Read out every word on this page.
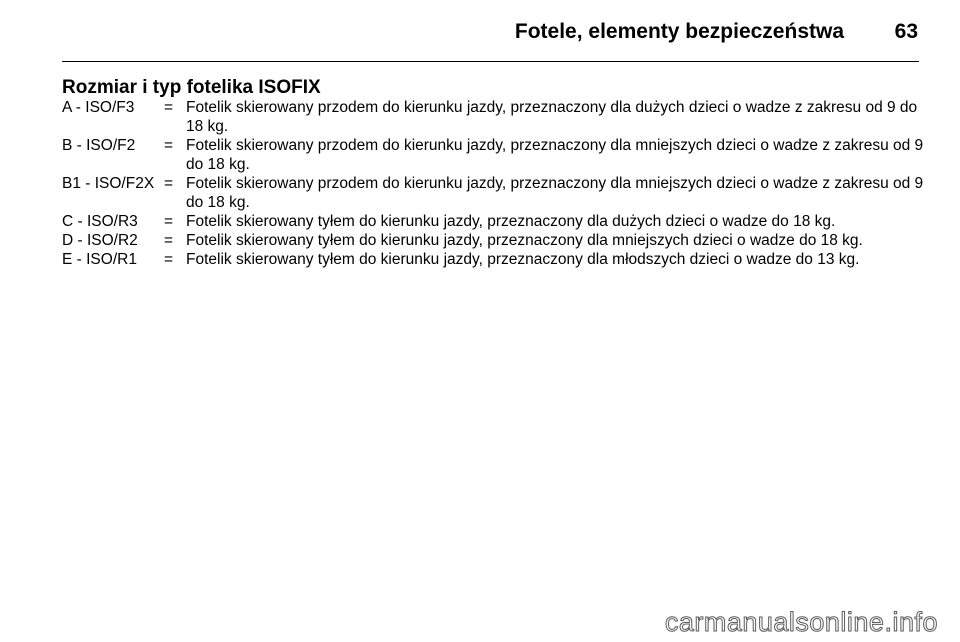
Fotele, elementy bezpieczeństwa 63
Rozmiar i typ fotelika ISOFIX
A - ISO/F3	= Fotelik skierowany przodem do kierunku jazdy, przeznaczony dla dużych dzieci o wadze z zakresu od 9 do 18 kg.
B - ISO/F2	= Fotelik skierowany przodem do kierunku jazdy, przeznaczony dla mniejszych dzieci o wadze z zakresu od 9 do 18 kg.
B1 - ISO/F2X = Fotelik skierowany przodem do kierunku jazdy, przeznaczony dla mniejszych dzieci o wadze z zakresu od 9 do 18 kg.
C - ISO/R3	= Fotelik skierowany tyłem do kierunku jazdy, przeznaczony dla dużych dzieci o wadze do 18 kg.
D - ISO/R2	= Fotelik skierowany tyłem do kierunku jazdy, przeznaczony dla mniejszych dzieci o wadze do 18 kg.
E - ISO/R1	= Fotelik skierowany tyłem do kierunku jazdy, przeznaczony dla młodszych dzieci o wadze do 13 kg.
carmanualsonline.info
